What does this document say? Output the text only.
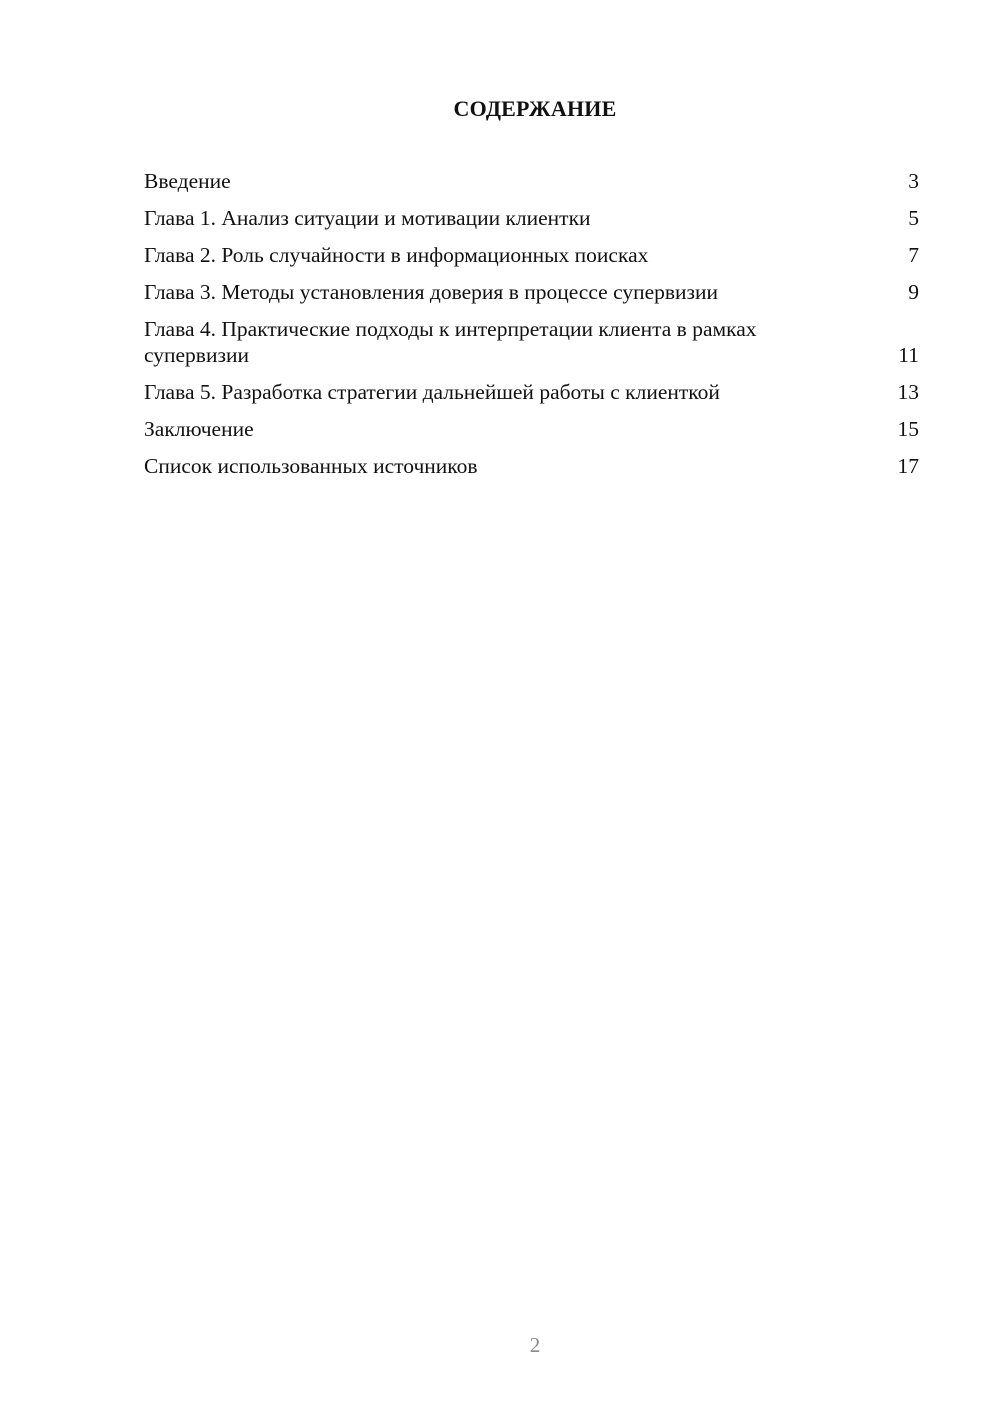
СОДЕРЖАНИЕ
Введение	3
Глава 1. Анализ ситуации и мотивации клиентки	5
Глава 2. Роль случайности в информационных поисках	7
Глава 3. Методы установления доверия в процессе супервизии	9
Глава 4. Практические подходы к интерпретации клиента в рамках супервизии	11
Глава 5. Разработка стратегии дальнейшей работы с клиенткой	13
Заключение	15
Список использованных источников	17
2
